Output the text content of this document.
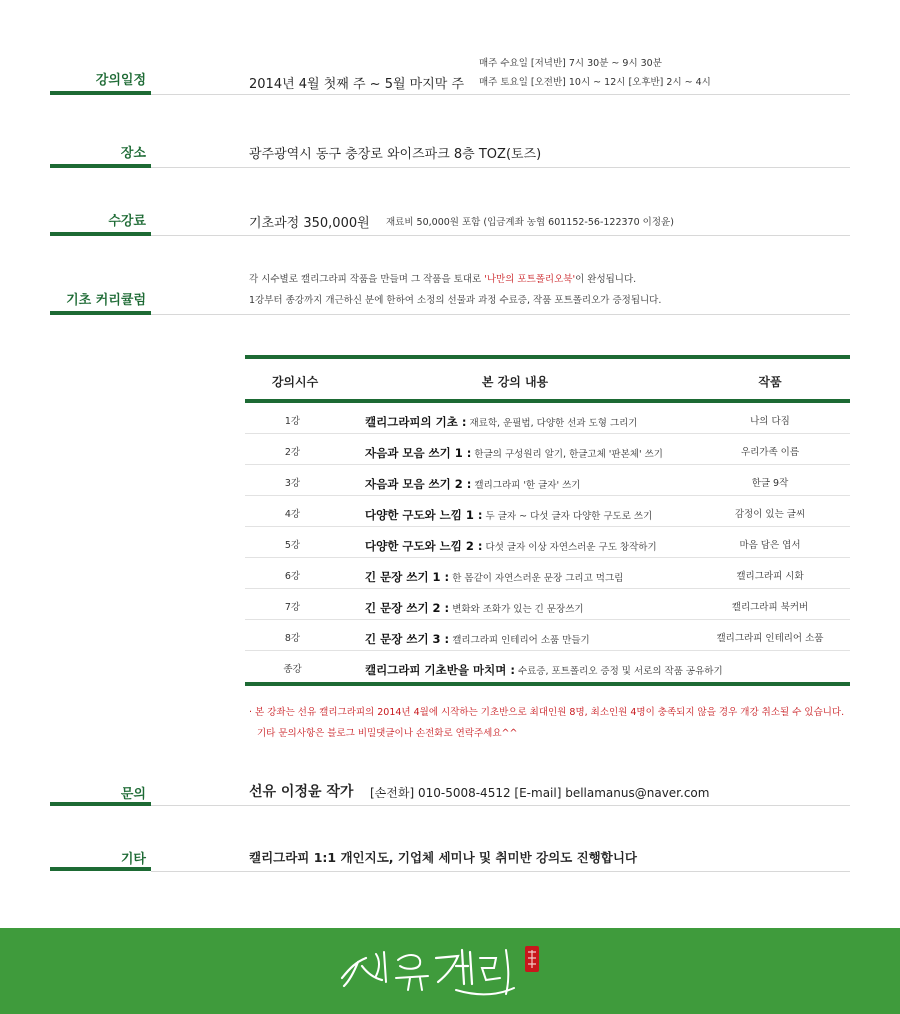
강의일정	2014년 4월 첫째 주 ~ 5월 마지막 주
매주 수요일 [저녁반] 7시 30분 ~ 9시 30분
매주 토요일 [오전반] 10시 ~ 12시 [오후반] 2시 ~ 4시
장소	광주광역시 동구 충장로 와이즈파크 8층 TOZ(토즈)
수강료	기초과정 350,000원 재료비 50,000원 포함 (입금계좌 농협 601152-56-122370 이정윤)
기초 커리큘럼
각 시수별로 캘리그라피 작품을 만들며 그 작품을 토대로 '나만의 포트폴리오북'이 완성됩니다.
1강부터 종강까지 개근하신 분에 한하여 소정의 선물과 과정 수료증, 작품 포트폴리오가 증정됩니다.
강의시수	본 강의 내용	작품
1강	캘리그라피의 기초 : 재료학, 운필법, 다양한 선과 도형 그리기	나의 다짐
2강	자음과 모음 쓰기 1 : 한글의 구성원리 알기, 한글고체 '판본체' 쓰기	우리가족 이름
3강	자음과 모음 쓰기 2 : 캘리그라피 '한 글자' 쓰기	한글 9작
4강	다양한 구도와 느낌 1 : 두 글자 ~ 다섯 글자 다양한 구도로 쓰기	감정이 있는 글씨
5강	다양한 구도와 느낌 2 : 다섯 글자 이상 자연스러운 구도 창작하기	마음 담은 엽서
6강	긴 문장 쓰기 1 : 한 몸같이 자연스러운 문장 그리고 먹그림	캘리그라피 시화
7강	긴 문장 쓰기 2 : 변화와 조화가 있는 긴 문장쓰기	캘리그라피 북커버
8강	긴 문장 쓰기 3 : 캘리그라피 인테리어 소품 만들기	캘리그라피 인테리어 소품
종강	캘리그라피 기초반을 마치며 : 수료증, 포트폴리오 증정 및 서로의 작품 공유하기
· 본 강좌는 선유 캘리그라피의 2014년 4월에 시작하는 기초반으로 최대인원 8명, 최소인원 4명이 충족되지 않을 경우 개강 취소될 수 있습니다.
기타 문의사항은 블로그 비밀댓글이나 손전화로 연락주세요^^
문의	선유 이정윤 작가 [손전화] 010-5008-4512 [E-mail] bellamanus@naver.com
기타	캘리그라피 1:1 개인지도, 기업체 세미나 및 취미반 강의도 진행합니다
